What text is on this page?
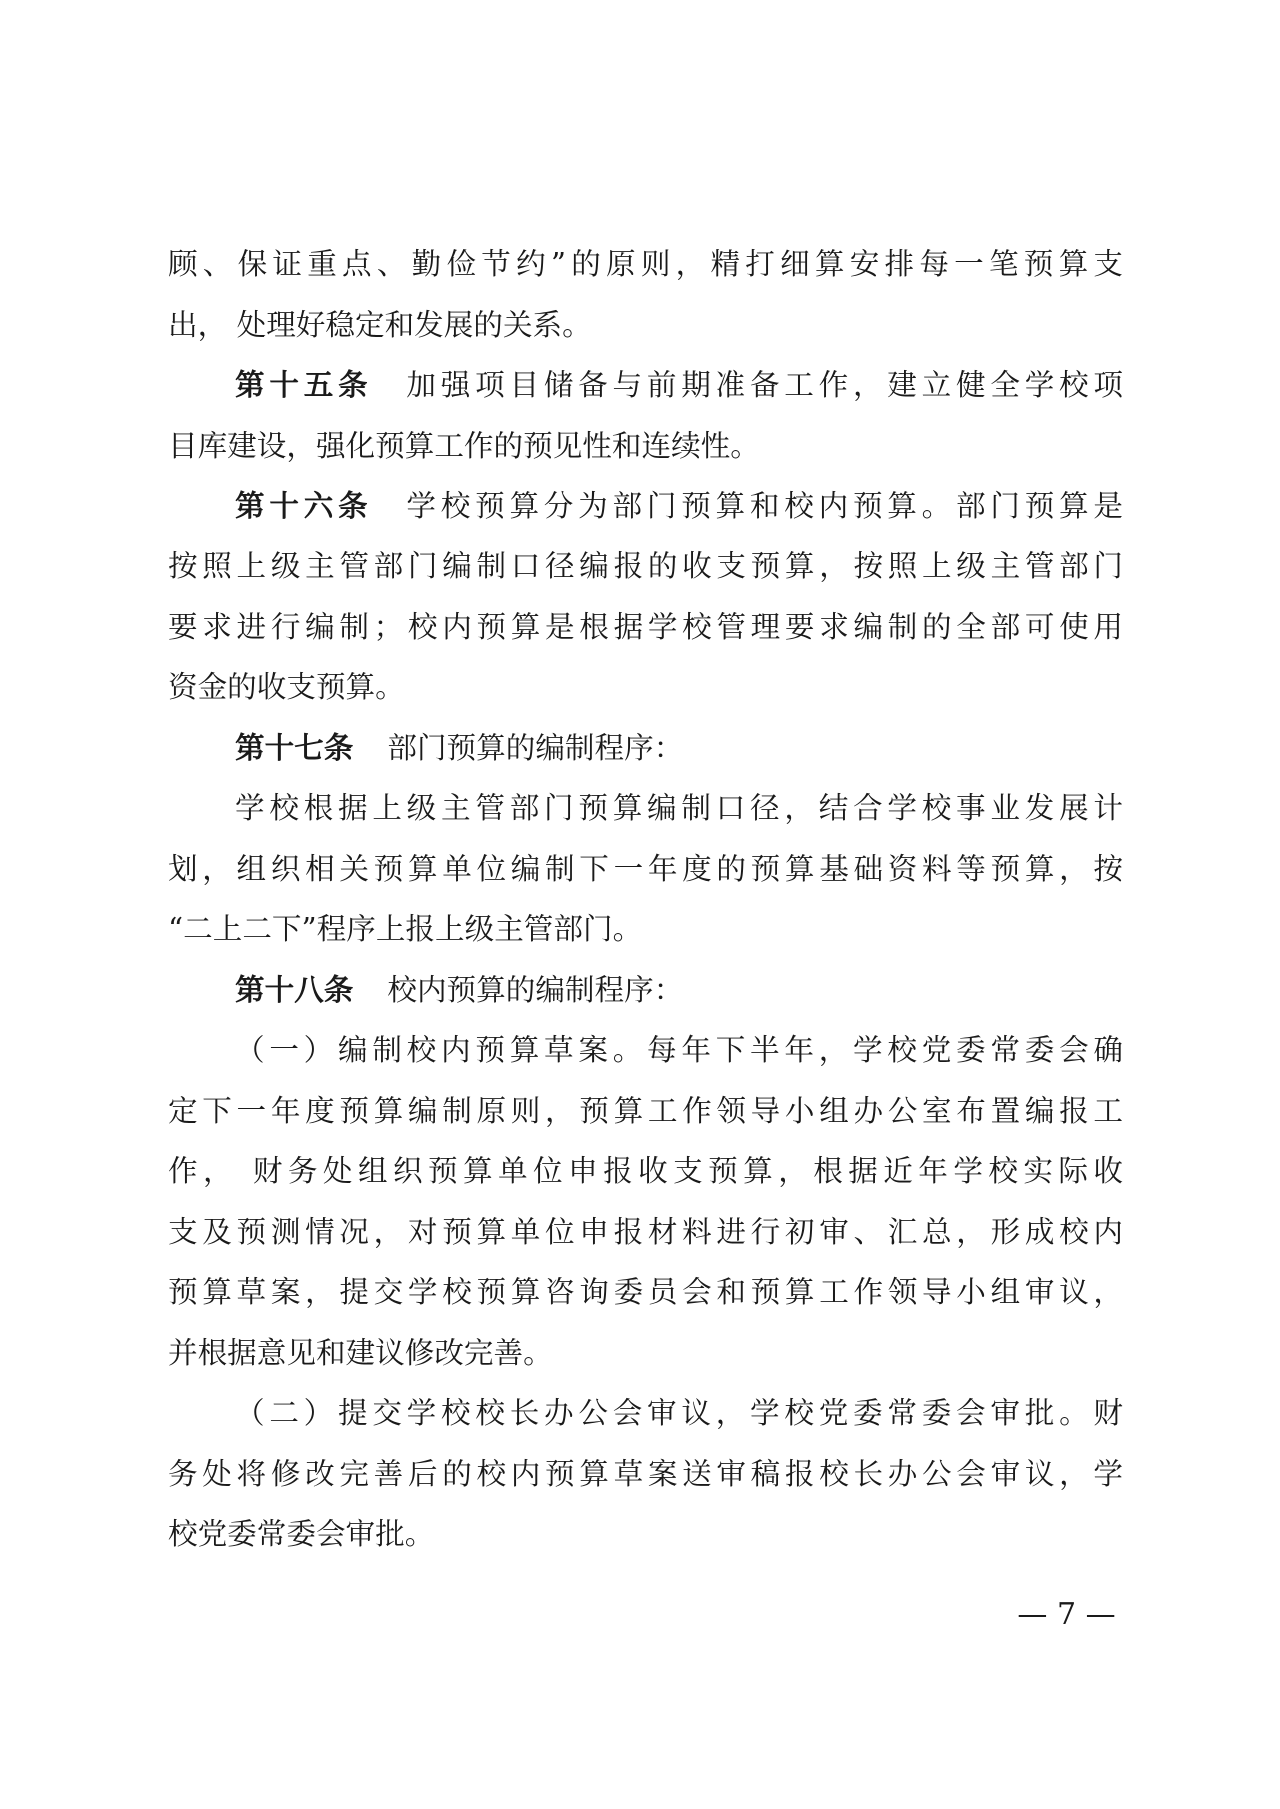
顾、保证重点、勤俭节约”的原则，精打细算安排每一笔预算支
出， 处理好稳定和发展的关系。
第十五条 加强项目储备与前期准备工作，建立健全学校项
目库建设，强化预算工作的预见性和连续性。
第十六条 学校预算分为部门预算和校内预算。部门预算是
按照上级主管部门编制口径编报的收支预算，按照上级主管部门
要求进行编制；校内预算是根据学校管理要求编制的全部可使用
资金的收支预算。
第十七条 部门预算的编制程序：
学校根据上级主管部门预算编制口径，结合学校事业发展计
划，组织相关预算单位编制下一年度的预算基础资料等预算，按
“二上二下”程序上报上级主管部门。
第十八条 校内预算的编制程序：
（一）编制校内预算草案。每年下半年，学校党委常委会确
定下一年度预算编制原则，预算工作领导小组办公室布置编报工
作， 财务处组织预算单位申报收支预算，根据近年学校实际收
支及预测情况，对预算单位申报材料进行初审、汇总，形成校内
预算草案，提交学校预算咨询委员会和预算工作领导小组审议，
并根据意见和建议修改完善。
（二）提交学校校长办公会审议，学校党委常委会审批。财
务处将修改完善后的校内预算草案送审稿报校长办公会审议，学
校党委常委会审批。
— 7 —
